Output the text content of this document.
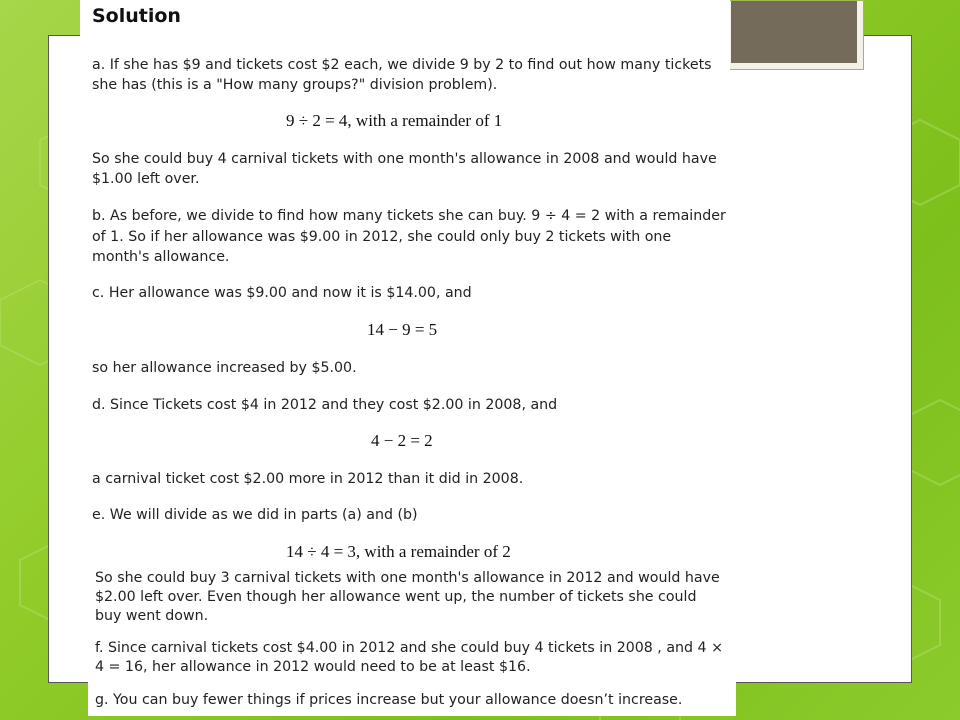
Solution

a. If she has $9 and tickets cost $2 each, we divide 9 by 2 to find out how many tickets

she has (this is a "How many groups?" division problem).

9 ÷ 2 = 4, with a remainder of 1

So she could buy 4 carnival tickets with one month's allowance in 2008 and would have

$1.00 left over.

b. As before, we divide to find how many tickets she can buy. 9 ÷ 4 = 2 with a remainder

of 1. So if her allowance was $9.00 in 2012, she could only buy 2 tickets with one

month's allowance.

c. Her allowance was $9.00 and now it is $14.00, and

14 − 9 = 5

so her allowance increased by $5.00.

d. Since Tickets cost $4 in 2012 and they cost $2.00 in 2008, and

4 − 2 = 2

a carnival ticket cost $2.00 more in 2012 than it did in 2008.

e. We will divide as we did in parts (a) and (b)

14 ÷ 4 = 3, with a remainder of 2

So she could buy 3 carnival tickets with one month's allowance in 2012 and would have

$2.00 left over. Even though her allowance went up, the number of tickets she could

buy went down.

f. Since carnival tickets cost $4.00 in 2012 and she could buy 4 tickets in 2008 , and 4 ×

4 = 16, her allowance in 2012 would need to be at least $16.

g. You can buy fewer things if prices increase but your allowance doesn’t increase.
